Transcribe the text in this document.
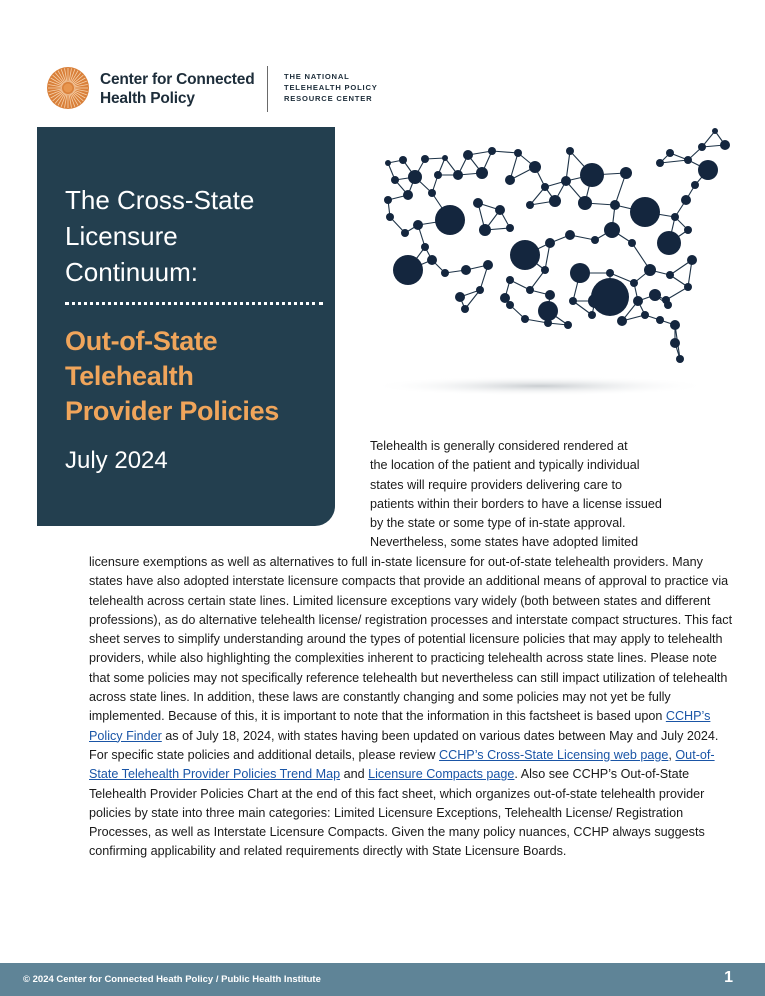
Center for Connected
Health Policy
THE NATIONAL
TELEHEALTH POLICY
RESOURCE CENTER
The Cross-State
Licensure
Continuum:
Out-of-State
Telehealth
Provider Policies
July 2024
Telehealth is generally considered rendered at
the location of the patient and typically individual
states will require providers delivering care to
patients within their borders to have a license issued
by the state or some type of in-state approval.
Nevertheless, some states have adopted limited

licensure exemptions as well as alternatives to full in-state licensure for out-of-state telehealth providers. Many states have also adopted interstate licensure compacts that provide an additional means of approval to practice via telehealth across certain state lines. Limited licensure exceptions vary widely (both between states and different professions), as do alternative telehealth license/ registration processes and interstate compact structures. This fact sheet serves to simplify understanding around the types of potential licensure policies that may apply to telehealth providers, while also highlighting the complexities inherent to practicing telehealth across state lines. Please note that some policies may not specifically reference telehealth but nevertheless can still impact utilization of telehealth across state lines. In addition, these laws are constantly changing and some policies may not yet be fully implemented. Because of this, it is important to note that the information in this factsheet is based upon CCHP’s Policy Finder as of July 18, 2024, with states having been updated on various dates between May and July 2024. For specific state policies and additional details, please review CCHP’s Cross-State Licensing web page, Out-of-State Telehealth Provider Policies Trend Map and Licensure Compacts page. Also see CCHP’s Out-of-State Telehealth Provider Policies Chart at the end of this fact sheet, which organizes out-of-state telehealth provider policies by state into three main categories: Limited Licensure Exceptions, Telehealth License/ Registration Processes, as well as Interstate Licensure Compacts. Given the many policy nuances, CCHP always suggests confirming applicability and related requirements directly with State Licensure Boards.

© 2024 Center for Connected Heath Policy / Public Health Institute	1
